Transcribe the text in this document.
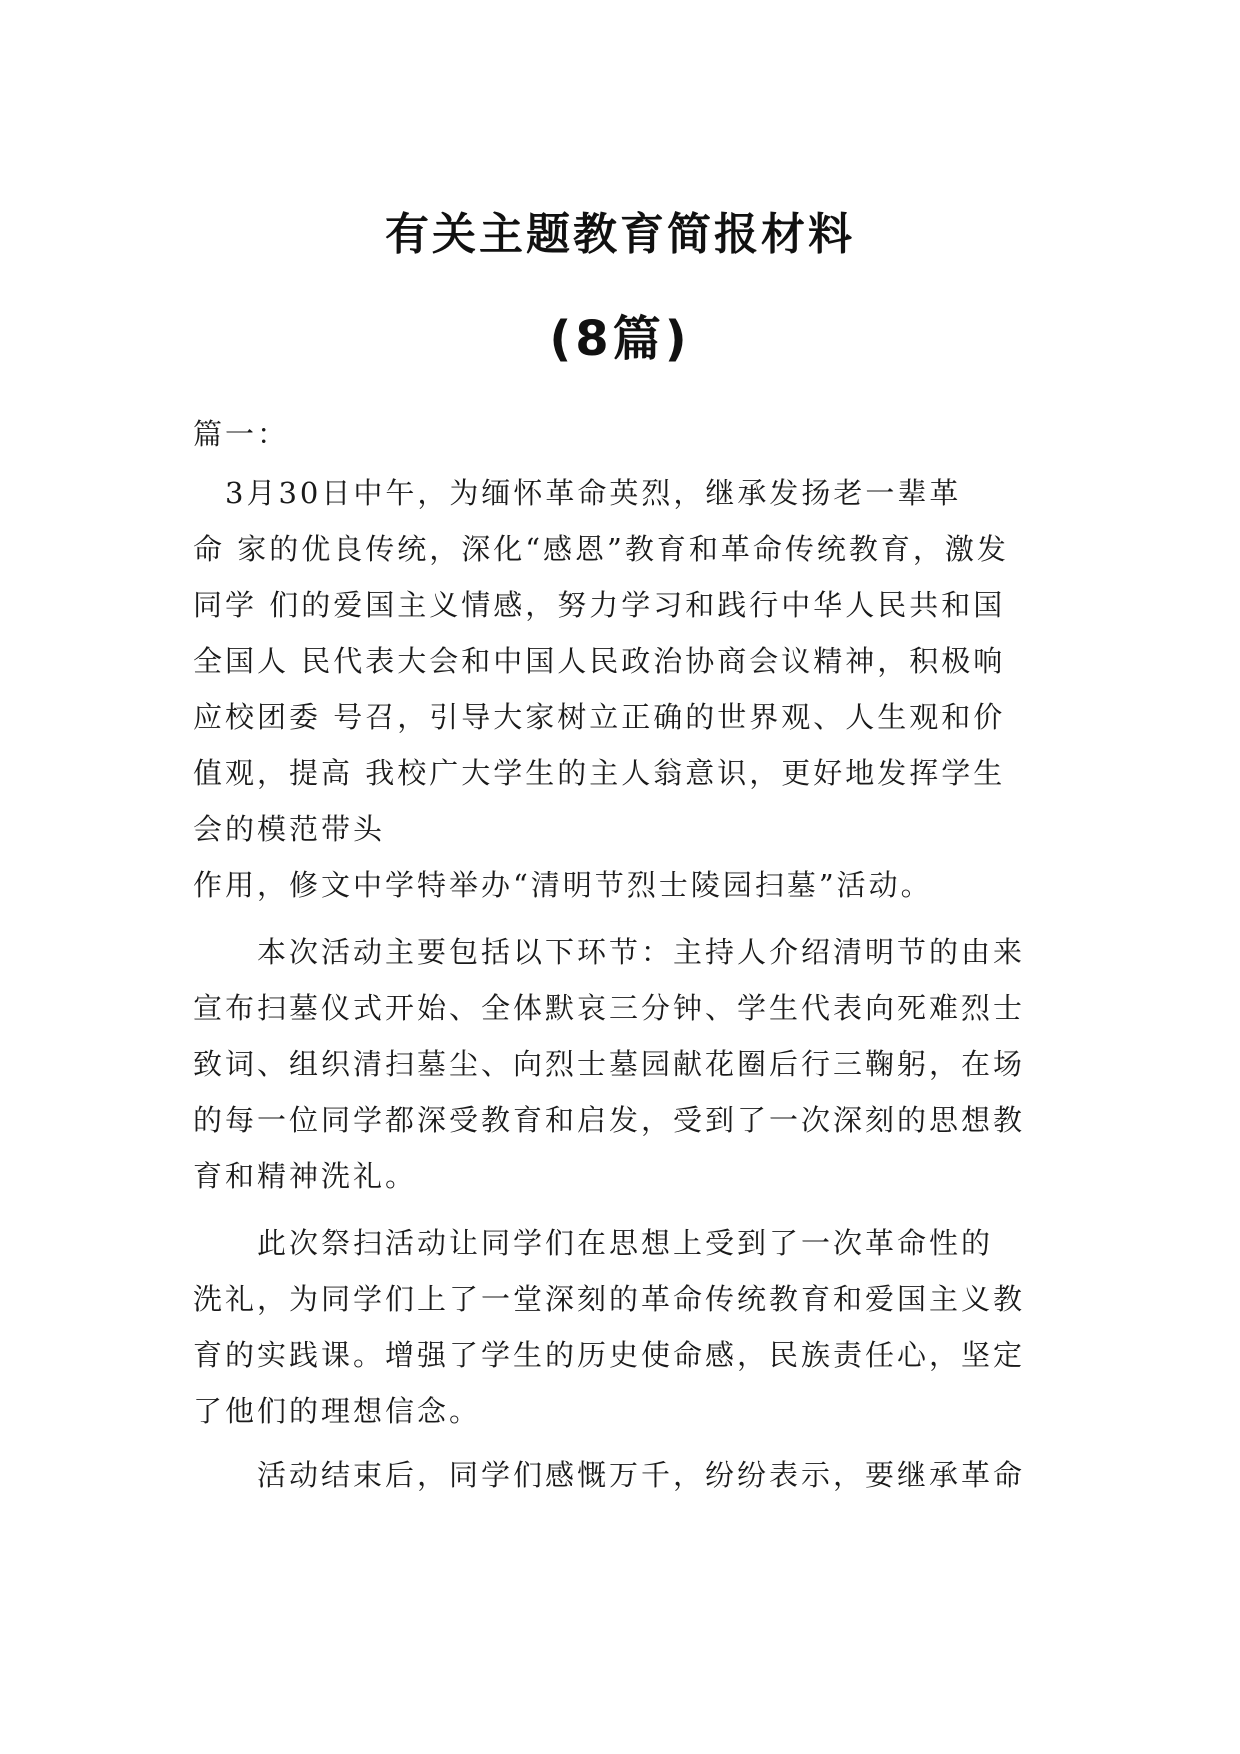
有关主题教育简报材料
(8篇)

篇一：

　3月30日中午，为缅怀革命英烈，继承发扬老一辈革
命 家的优良传统，深化“感恩”教育和革命传统教育，激发
同学 们的爱国主义情感，努力学习和践行中华人民共和国
全国人 民代表大会和中国人民政治协商会议精神，积极响
应校团委 号召，引导大家树立正确的世界观、人生观和价
值观，提高 我校广大学生的主人翁意识，更好地发挥学生
会的模范带头
作用，修文中学特举办“清明节烈士陵园扫墓”活动。
　　本次活动主要包括以下环节：主持人介绍清明节的由来
宣布扫墓仪式开始、全体默哀三分钟、学生代表向死难烈士
致词、组织清扫墓尘、向烈士墓园献花圈后行三鞠躬，在场
的每一位同学都深受教育和启发，受到了一次深刻的思想教
育和精神洗礼。
　　此次祭扫活动让同学们在思想上受到了一次革命性的
洗礼，为同学们上了一堂深刻的革命传统教育和爱国主义教
育的实践课。增强了学生的历史使命感，民族责任心，坚定
了他们的理想信念。
　　活动结束后，同学们感慨万千，纷纷表示，要继承革命
